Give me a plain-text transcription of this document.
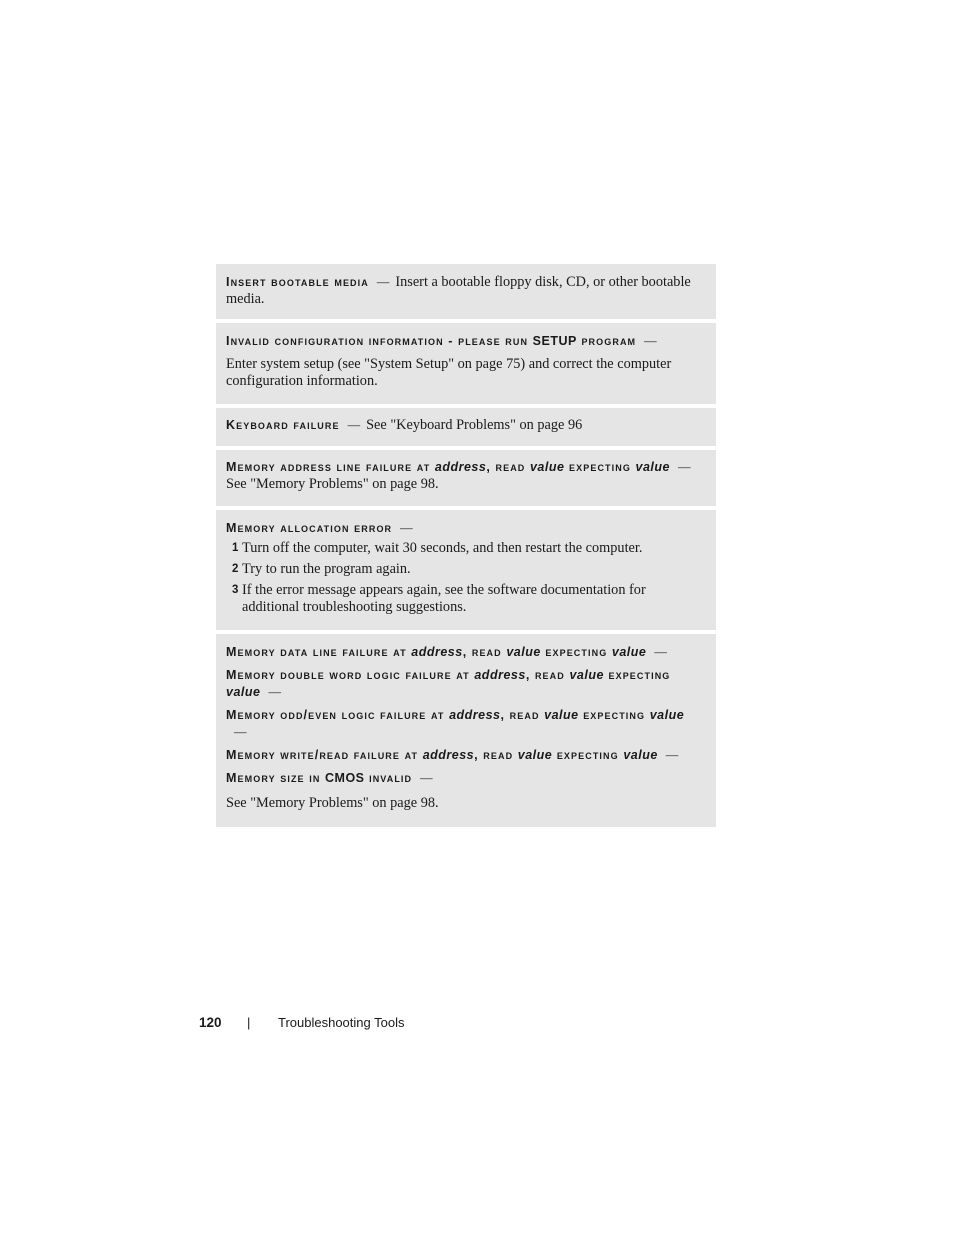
Insert bootable media — Insert a bootable floppy disk, CD, or other bootable media.

Invalid configuration information - please run SETUP program —

Enter system setup (see "System Setup" on page 75) and correct the computer configuration information.

Keyboard failure — See "Keyboard Problems" on page 96

Memory address line failure at address, read value expecting value —See "Memory Problems" on page 98.

Memory allocation error —

1 Turn off the computer, wait 30 seconds, and then restart the computer.
2 Try to run the program again.
3 If the error message appears again, see the software documentation for additional troubleshooting suggestions.

Memory data line failure at address, read value expecting value —

Memory double word logic failure at address, read value expecting value —

Memory odd/even logic failure at address, read value expecting value—

Memory write/read failure at address, read value expecting value —

Memory size in CMOS invalid —

See "Memory Problems" on page 98.

120 | Troubleshooting Tools
